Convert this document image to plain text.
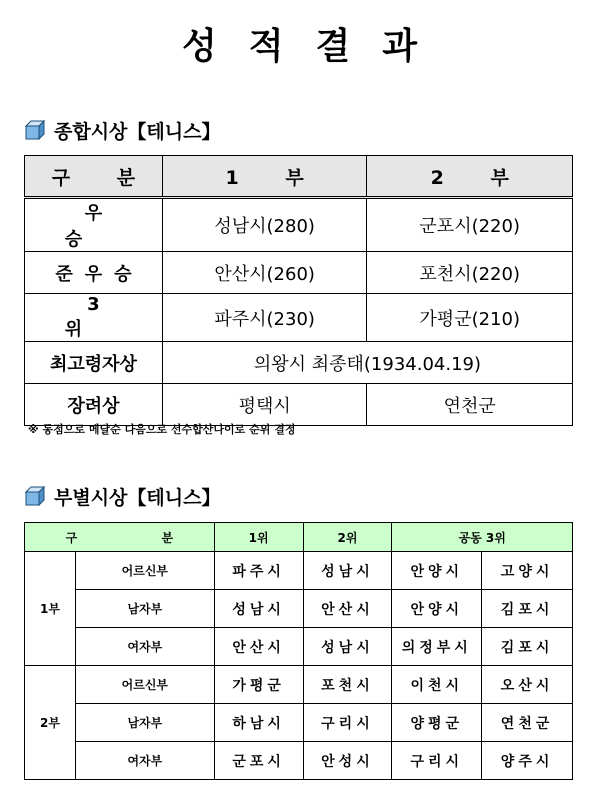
성적결과
종합시상【테니스】
구 분	1 부	2 부
우 승	성남시(280)	군포시(220)
준우승	안산시(260)	포천시(220)
3 위	파주시(230)	가평군(210)
최고령자상	의왕시 최종태(1934.04.19)	
장려상	평택시	연천군
※ 동점으로 메달순 다음으로 선수합산나이로 순위 결정
부별시상【테니스】
구 분		1위	2위	공동 3위	
1부	어르신부	파주시	성남시	안양시	고양시
	남자부	성남시	안산시	안양시	김포시
	여자부	안산시	성남시	의정부시	김포시
2부	어르신부	가평군	포천시	이천시	오산시
	남자부	하남시	구리시	양평군	연천군
	여자부	군포시	안성시	구리시	양주시
